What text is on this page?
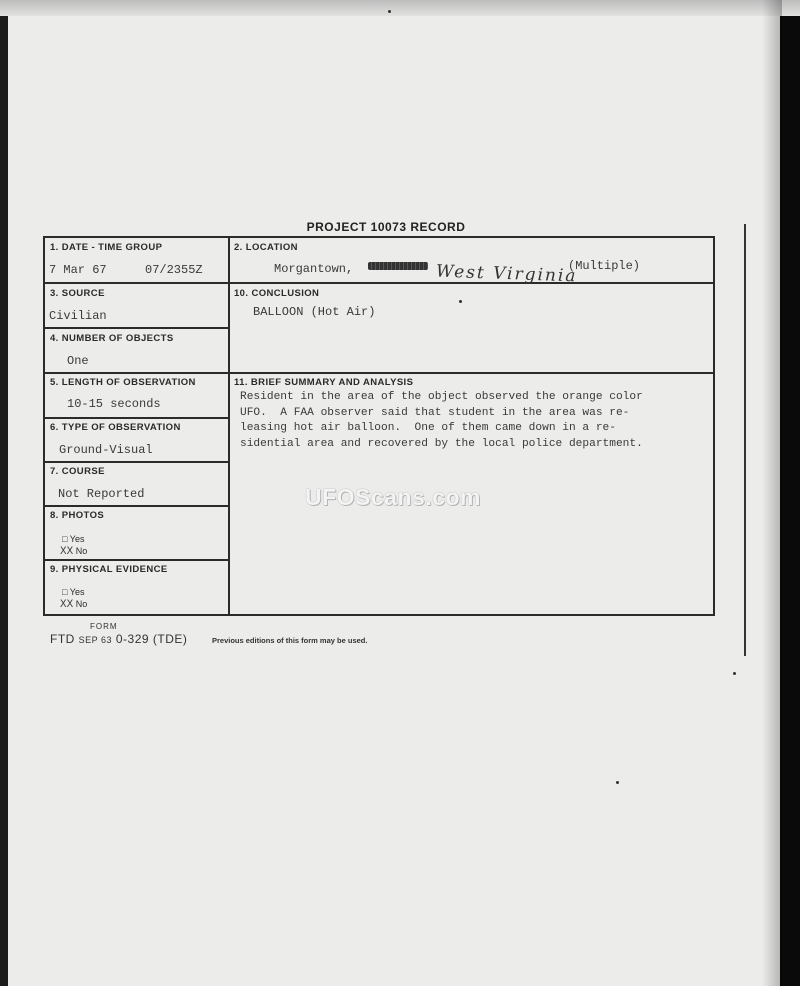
PROJECT 10073 RECORD
1. DATE - TIME GROUP
7 Mar 67	07/2355Z
2. LOCATION
Morgantown,	West Virginia
(Multiple)
3. SOURCE
Civilian
10. CONCLUSION
BALLOON (Hot Air)
4. NUMBER OF OBJECTS
One
5. LENGTH OF OBSERVATION
10-15 seconds
11. BRIEF SUMMARY AND ANALYSIS
Resident in the area of the object observed the orange color
UFO.  A FAA observer said that student in the area was re-
leasing hot air balloon.  One of them came down in a re-
sidential area and recovered by the local police department.
6. TYPE OF OBSERVATION
Ground-Visual
7. COURSE
Not Reported
8. PHOTOS
□ Yes
XX No
9. PHYSICAL EVIDENCE
□ Yes
XX No
FORM
FTD SEP 63 0-329 (TDE)	Previous editions of this form may be used.
UFOScans.com
